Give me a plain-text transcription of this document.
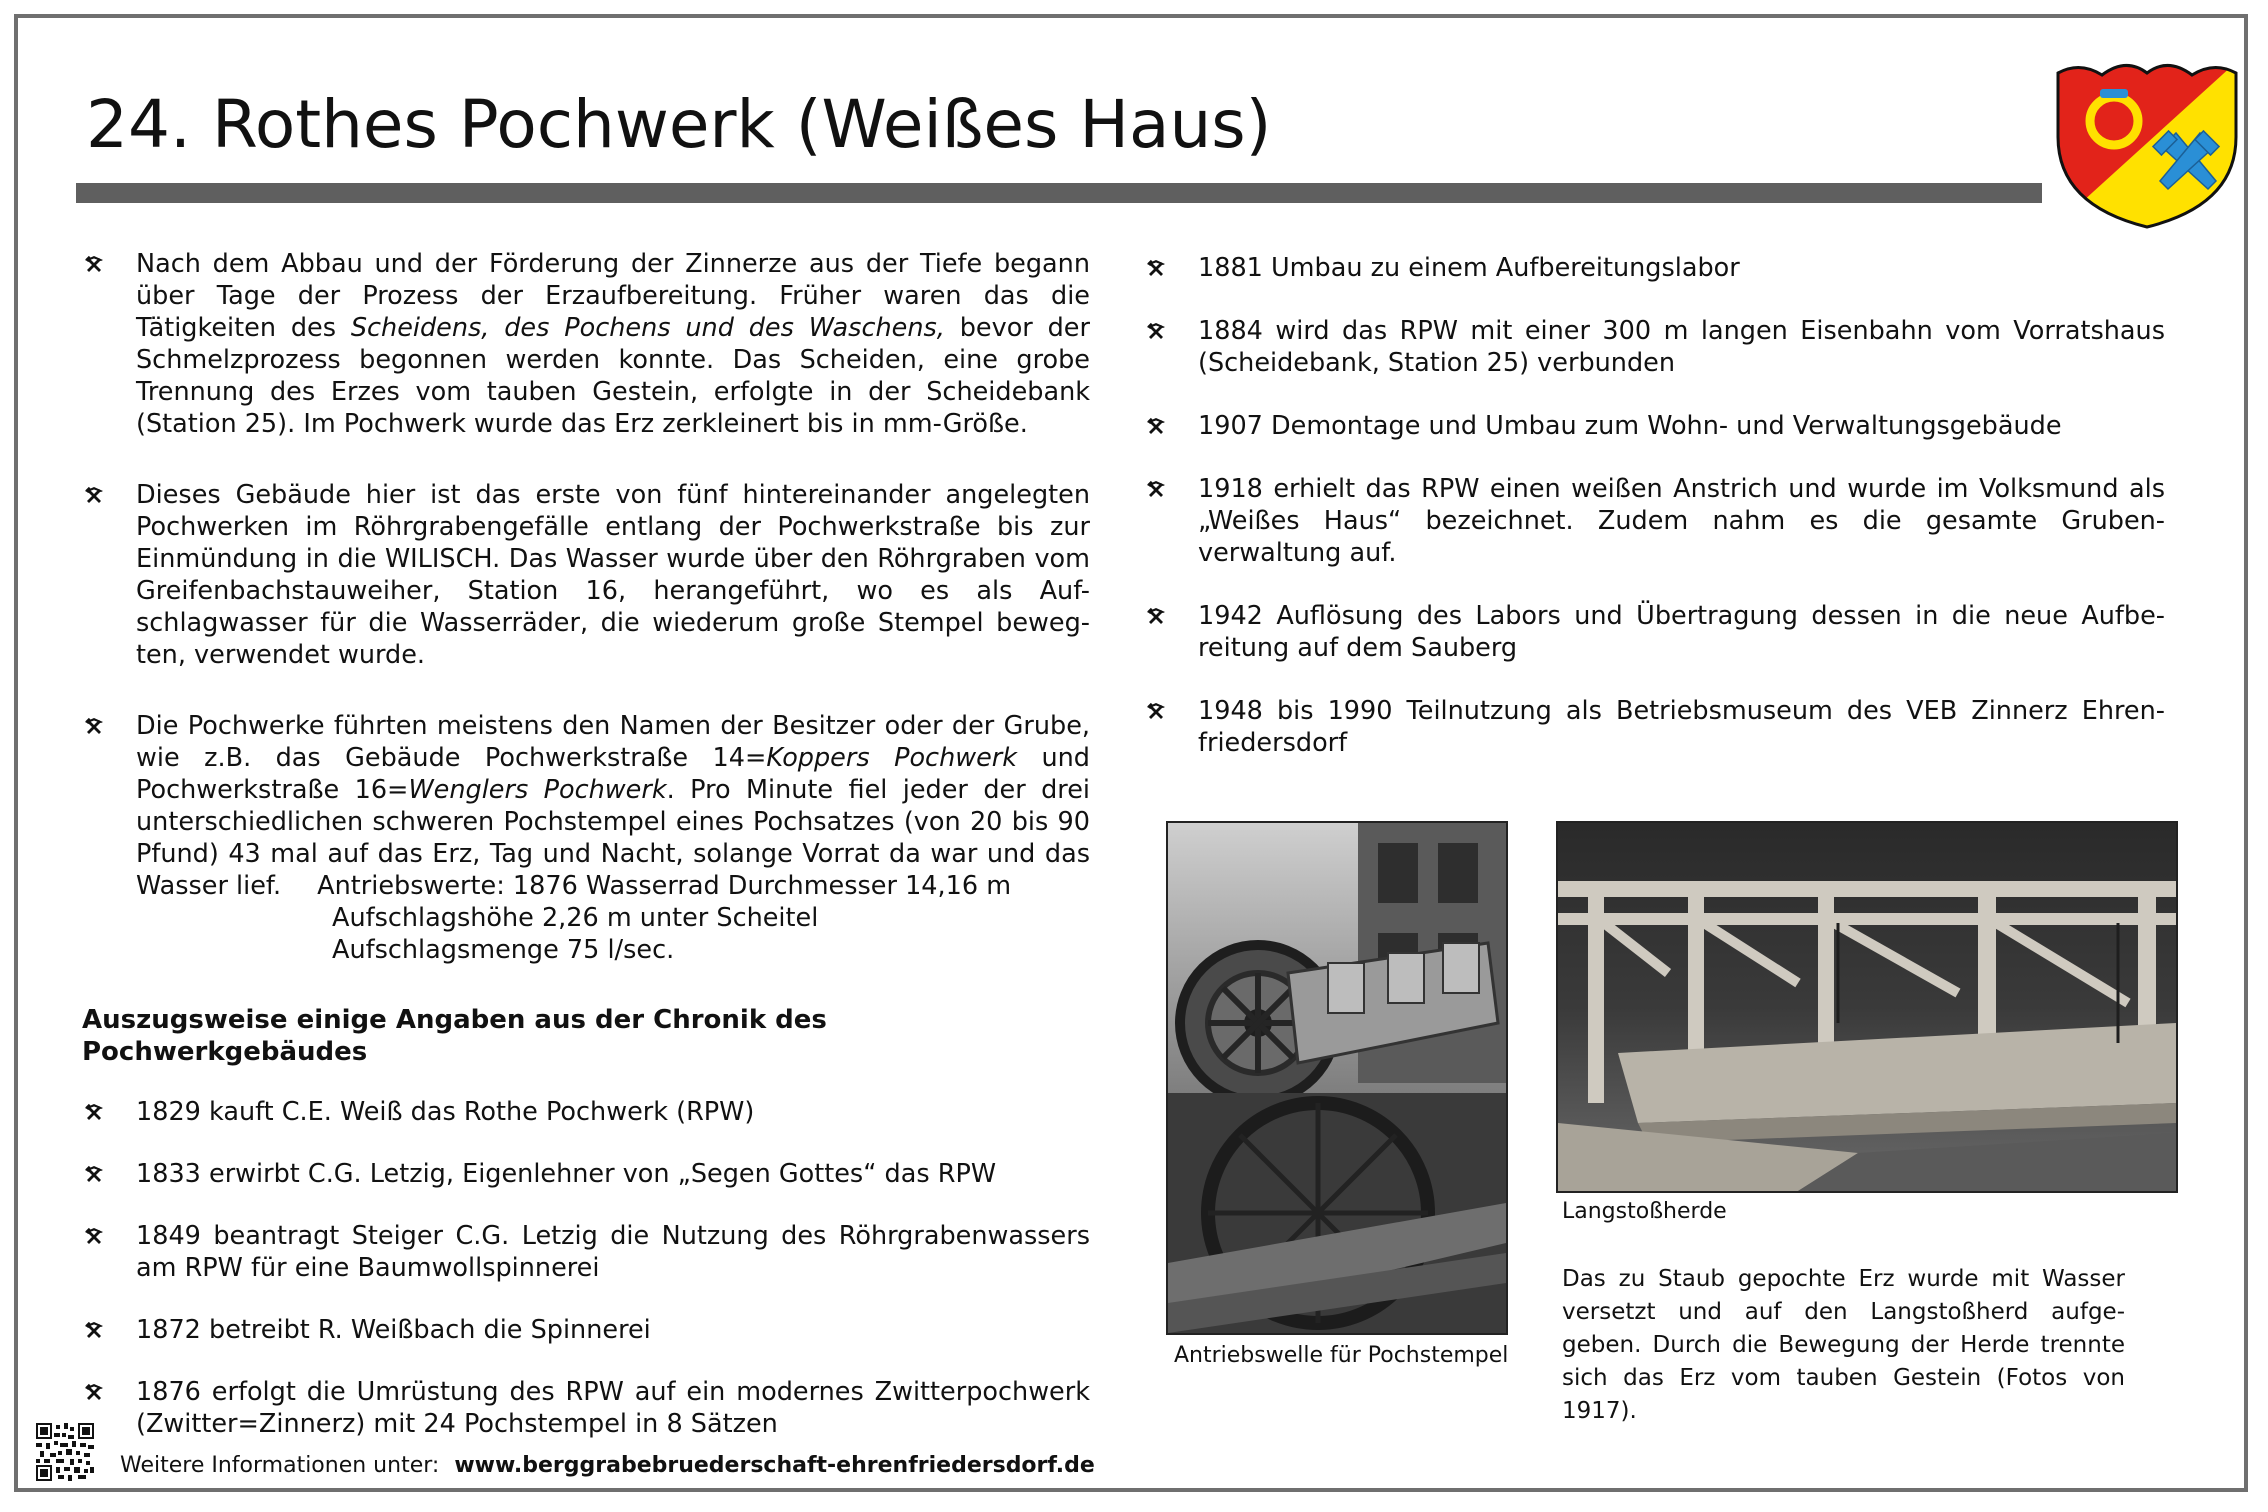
24. Rothes Pochwerk (Weißes Haus)
Nach dem Abbau und der Förderung der Zinnerze aus der Tiefe begann über Tage der Prozess der Erzaufbereitung. Früher waren das die Tätigkeiten des Scheidens, des Pochens und des Waschens, bevor der Schmelzprozess begonnen werden konnte. Das Scheiden, eine grobe Trennung des Erzes vom tauben Gestein, erfolgte in der Scheidebank (Station 25). Im Pochwerk wurde das Erz zerkleinert bis in mm-Größe.
Dieses Gebäude hier ist das erste von fünf hintereinander angelegten Pochwerken im Röhrgrabengefälle entlang der Pochwerkstraße bis zur Einmündung in die WILISCH. Das Wasser wurde über den Röhrgraben vom Greifenbachstauweiher, Station 16, herangeführt, wo es als Auf-schlagwasser für die Wasserräder, die wiederum große Stempel beweg-ten, verwendet wurde.
Die Pochwerke führten meistens den Namen der Besitzer oder der Grube, wie z.B. das Gebäude Pochwerkstraße 14=Koppers Pochwerk und Pochwerkstraße 16=Wenglers Pochwerk. Pro Minute fiel jeder der drei unterschiedlichen schweren Pochstempel eines Pochsatzes (von 20 bis 90 Pfund) 43 mal auf das Erz, Tag und Nacht, solange Vorrat da war und das Wasser lief. Antriebswerte: 1876 Wasserrad Durchmesser 14,16 m
Aufschlagshöhe 2,26 m unter Scheitel
Aufschlagsmenge 75 l/sec.
Auszugsweise einige Angaben aus der Chronik des Pochwerkgebäudes
1829 kauft C.E. Weiß das Rothe Pochwerk (RPW)
1833 erwirbt C.G. Letzig, Eigenlehner von „Segen Gottes“ das RPW
1849 beantragt Steiger C.G. Letzig die Nutzung des Röhrgrabenwassers am RPW für eine Baumwollspinnerei
1872 betreibt R. Weißbach die Spinnerei
1876 erfolgt die Umrüstung des RPW auf ein modernes Zwitterpochwerk (Zwitter=Zinnerz) mit 24 Pochstempel in 8 Sätzen
1881 Umbau zu einem Aufbereitungslabor
1884 wird das RPW mit einer 300 m langen Eisenbahn vom Vorratshaus (Scheidebank, Station 25) verbunden
1907 Demontage und Umbau zum Wohn- und Verwaltungsgebäude
1918 erhielt das RPW einen weißen Anstrich und wurde im Volksmund als „Weißes Haus“ bezeichnet. Zudem nahm es die gesamte Gruben-verwaltung auf.
1942 Auflösung des Labors und Übertragung dessen in die neue Aufbe-reitung auf dem Sauberg
1948 bis 1990 Teilnutzung als Betriebsmuseum des VEB Zinnerz Ehren-friedersdorf
Antriebswelle für Pochstempel
Langstoßherde
Das zu Staub gepochte Erz wurde mit Wasser versetzt und auf den Langstoßherd aufge-geben. Durch die Bewegung der Herde trennte sich das Erz vom tauben Gestein (Fotos von 1917).
Weitere Informationen unter: www.berggrabebruederschaft-ehrenfriedersdorf.de
